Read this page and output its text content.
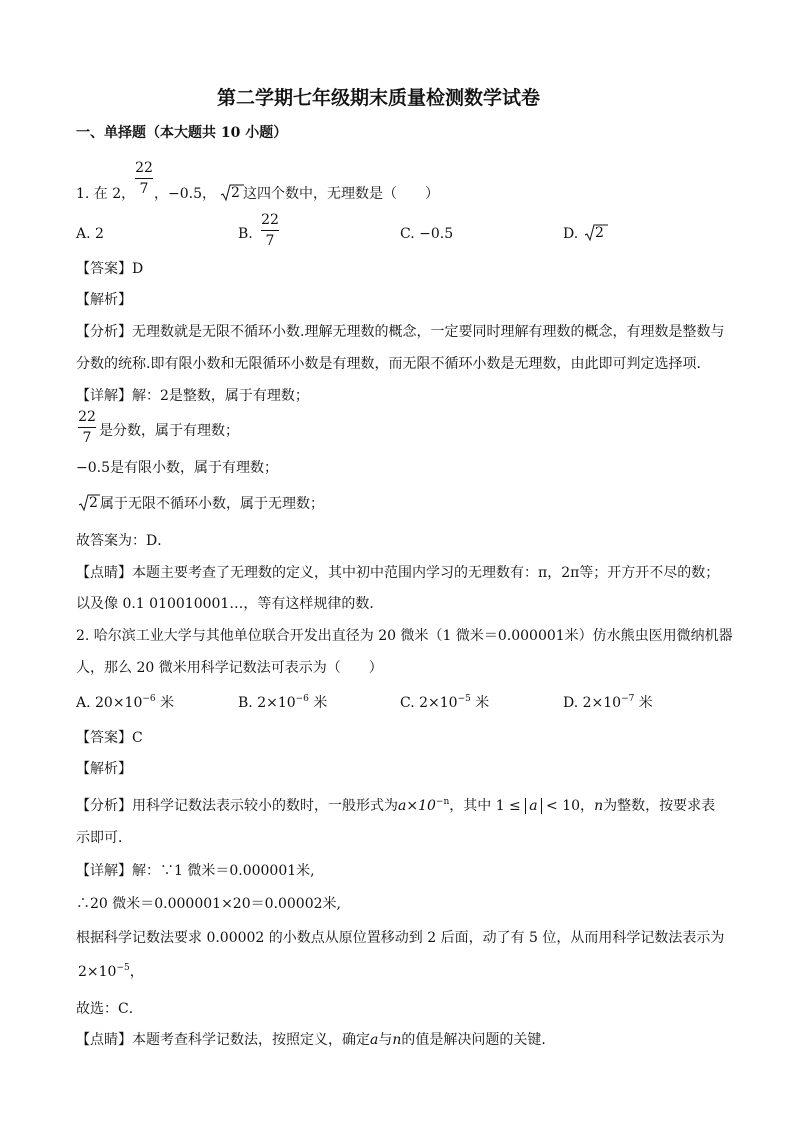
第二学期七年级期末质量检测数学试卷
一、单择题（本大题共 10 小题）
1. 在 2，
22
7 ，−0.5， 2 这四个数中，无理数是（　　）
A. 2	B.
22
7	C. −0.5	D. 2
【答案】D
【解析】
【分析】无理数就是无限不循环小数.理解无理数的概念，一定要同时理解有理数的概念，有理数是整数与
分数的统称.即有限小数和无限循环小数是有理数，而无限不循环小数是无理数，由此即可判定选择项．
【详解】解：2是整数，属于有理数；
22
7 是分数，属于有理数；
−0.5是有限小数，属于有理数；
2 属于无限不循环小数，属于无理数；
故答案为：D．
【点睛】本题主要考查了无理数的定义，其中初中范围内学习的无理数有：π，2π等；开方开不尽的数；
以及像 0.1 010010001…，等有这样规律的数．
2. 哈尔滨工业大学与其他单位联合开发出直径为 20 微米（1 微米＝0.000001米）仿水熊虫医用微纳机器
人，那么 20 微米用科学记数法可表示为（　　）
A. $20\times 10^{-6}$ 米	B. $2\times 10^{-6}$ 米	C. $2\times 10^{-5}$ 米	D. $2\times 10^{-7}$ 米
【答案】C
【解析】
【分析】用科学记数法表示较小的数时，一般形式为$a\times 10^{-n}$，其中 1 ≤ a < 10，n为整数，按要求表
示即可．
【详解】解：∵1 微米＝0.000001米,
∴20 微米＝0.000001×20＝0.00002米,
根据科学记数法要求 0.00002 的小数点从原位置移动到 2 后面，动了有 5 位，从而用科学记数法表示为
$2\times 10^{-5}$，
故选：C．
【点睛】本题考查科学记数法，按照定义，确定a与n的值是解决问题的关键．
